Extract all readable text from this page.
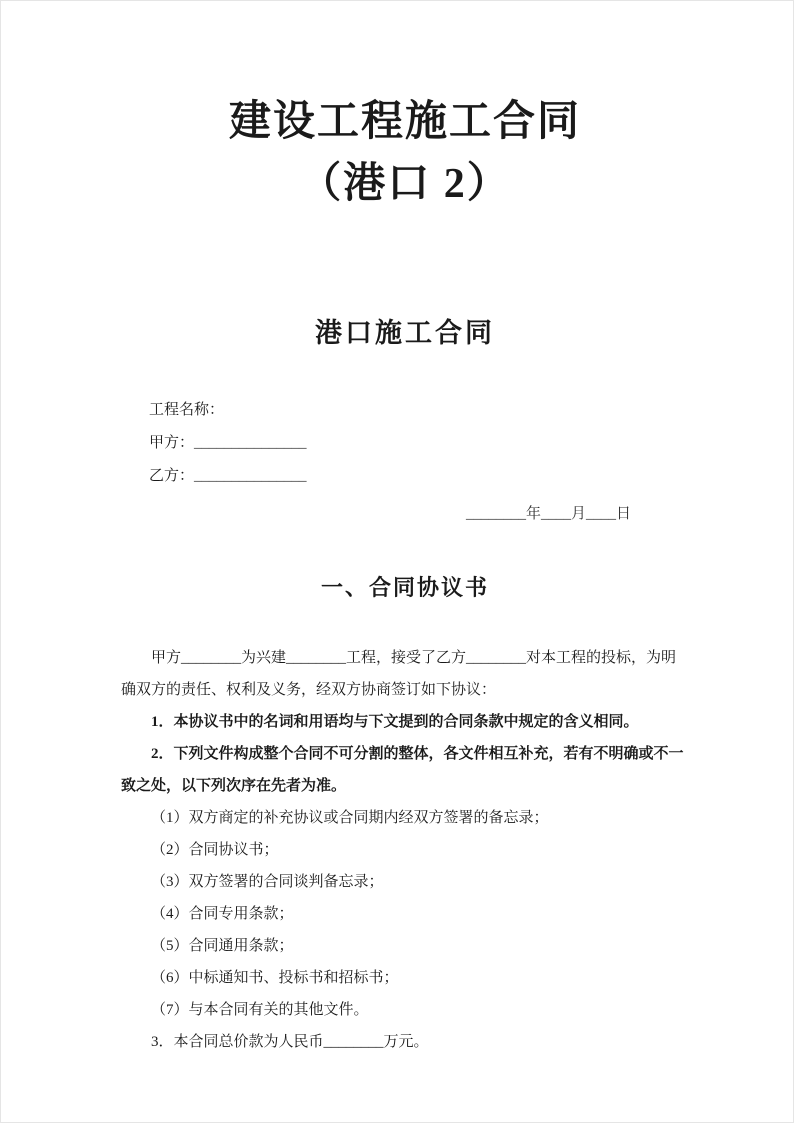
建设工程施工合同
（港口 2）
港口施工合同
工程名称：
甲方：_______________
乙方：_______________
________年____月____日
一、合同协议书

甲方________为兴建________工程，接受了乙方________对本工程的投标，为明确双方的责任、权利及义务，经双方协商签订如下协议：

1．本协议书中的名词和用语均与下文提到的合同条款中规定的含义相同。

2．下列文件构成整个合同不可分割的整体，各文件相互补充，若有不明确或不一致之处，以下列次序在先者为准。

（1）双方商定的补充协议或合同期内经双方签署的备忘录；

（2）合同协议书；

（3）双方签署的合同谈判备忘录；

（4）合同专用条款；

（5）合同通用条款；

（6）中标通知书、投标书和招标书；

（7）与本合同有关的其他文件。

3．本合同总价款为人民币________万元。
